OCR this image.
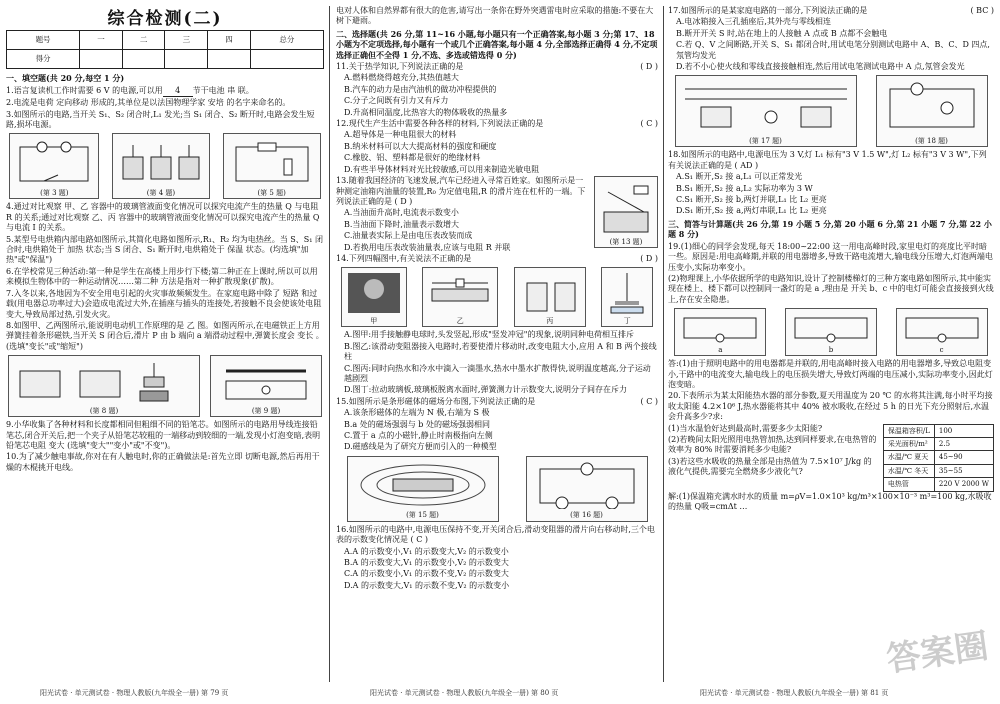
综合检测(二)
题号	一	二	三	四	总分
得分					

一、填空题(共 20 分,每空 1 分)

1.语言复读机工作时需要 6 V 的电源,可以用 4 节干电池 串 联。

2.电流是电荷 定向移动 形成的,其单位是以法国物理学家 安培 的名字来命名的。

3.如图所示的电路,当开关 S₁、S₂ 闭合时,L₁ 发光;当 S₁ 闭合、S₂ 断开时,电路会发生短路,损坏电源。

(第 3 题)	(第 4 题)	(第 5 题)

4.通过对比观察 甲、乙 容器中的玻璃管液面变化情况可以探究电流产生的热量 Q 与电阻 R 的关系;通过对比观察 乙、丙 容器中的玻璃管液面变化情况可以探究电流产生的热量 Q 与电流 I 的关系。

5.某型号电烘箱内部电路如图所示,其简化电路如图所示,R₁、R₂ 均为电热丝。当 S、S₁ 闭合时,电烘箱处于 加热 状态;当 S 闭合、S₁ 断开时,电烘箱处于 保温 状态。(均选填"加热"或"保温")

6.在学校常见三种活动:第一种是学生在高楼上用步行下楼;第二种正在上课时,所以可以用来模拟生物体中的一种运动情况……第二种 方法是指对一种扩散现象(扩散)。

7.入冬以来,各地因为不安全用电引起的火灾事故频频发生。在家庭电路中除了 短路 和过载(用电器总功率过大)会造成电流过大外,在插座与插头的连接处,若接触不良会使该处电阻 变大,导致局部过热,引发火灾。

8.如图甲、乙两图所示,能说明电动机工作原理的是 乙 图。如图丙所示,在电磁铁正上方用弹簧挂着条形磁铁,当开关 S 闭合后,滑片 P 由 b 端向 a 端滑动过程中,弹簧长度会 变长 。(选填"变长"或"缩短")

(第 8 题)	(第 9 题)

9.小华收集了各种材料和长度都相同但粗细不同的铅笔芯。如图所示的电路用导线连接铅笔芯,闭合开关后,把一个夹子从铅笔芯较粗的一端移动到较细的一端,发现小灯泡变暗,表明铅笔芯电阻 变大 (选填"变大""变小"或"不变")。

10.为了减少触电事故,你对在有人触电时,你的正确做法是:首先立即 切断电源,然后再用干燥的木棍挑开电线。

电对人体和自然界都有很大的危害,请写出一条你在野外突遇雷电时应采取的措施:不要在大树下避雨。

二、选择题(共 26 分,第 11~16 小题,每小题只有一个正确答案,每小题 3 分;第 17、18 小题为不定项选择,每小题有一个或几个正确答案,每小题 4 分,全部选择正确得 4 分,不定项选择正确但不全得 1 分,不选、多选或错选得 0 分)

11.关于热学知识,下列说法正确的是	( D )

A.燃料燃烧得越充分,其热值越大

B.汽车的动力是由汽油机的做功冲程提供的

C.分子之间既有引力又有斥力

D.升高相同温度,比热容大的物体吸收的热量多

12.现代生产生活中需要各种各样的材料,下列说法正确的是	( C )

A.超导体是一种电阻很大的材料

B.纳米材料可以大大提高材料的强度和硬度

C.橡胶、铝、塑料都是很好的绝缘材料

D.有些半导体材料对光比较敏感,可以用来制造光敏电阻

13.随着我国经济的飞速发展,汽车已经进入寻常百姓家。如图所示是一种测定油箱内油量的装置,R₀ 为定值电阻,R 的滑片连在杠杆的一端。下列说法正确的是 ( D )

A.当油面升高时,电流表示数变小

B.当油面下降时,油量表示数增大

C.油量表实际上是由电压表改装而成

D.若换用电压表改装油量表,应该与电阻 R 并联

(第 13 题)

14.下列四幅图中,有关说法不正确的是	( D )

甲	乙	丙	丁

A.图甲:用手接触静电球时,头发竖起,形成"竖发冲冠"的现象,说明同种电荷相互排斥

B.图乙:该滑动变阻器接入电路时,若要使滑片移动时,改变电阻大小,应用 A 和 B 两个接线柱

C.图丙:同时向热水和冷水中滴入一滴墨水,热水中墨水扩散得快,说明温度越高,分子运动越剧烈

D.图丁:拉动玻璃板,玻璃板脱离水面时,弹簧测力计示数变大,说明分子间存在斥力

15.如图所示是条形磁体的磁场分布图,下列说法正确的是	( C )

A.该条形磁体的左端为 N 极,右端为 S 极

B.a 处的磁场强弱与 b 处的磁场强弱相同

C.置于 a 点的小磁针,静止时南极指向左侧

D.磁感线是为了研究方便而引入的一种模型

(第 15 题)	(第 16 题)

16.如图所示的电路中,电源电压保持不变,开关闭合后,滑动变阻器的滑片向右移动时,三个电表的示数变化情况是 ( C )

A.A 的示数变小,V₁ 的示数变大,V₂ 的示数变小

B.A 的示数变大,V₁ 的示数变小,V₂ 的示数变大

C.A 的示数变小,V₁ 的示数不变,V₂ 的示数变大

D.A 的示数变大,V₁ 的示数不变,V₂ 的示数变小

17.如图所示的是某家庭电路的一部分,下列说法正确的是	( BC )

A.电冰箱接入三孔插座后,其外壳与零线相连

B.断开开关 S 时,站在地上的人接触 A 点或 B 点都不会触电

C.若 Q、V 之间断路,开关 S、S₁ 都闭合时,用试电笔分别测试电路中 A、B、C、D 四点,氖管均发光

D.若不小心使火线和零线直接接触相连,然后用试电笔测试电路中 A 点,氖管会发光

(第 17 题)	(第 18 题)

18.如图所示的电路中,电源电压为 3 V,灯 L₁ 标有"3 V 1.5 W",灯 L₂ 标有"3 V 3 W",下列有关说法正确的是 ( AD )

A.S₁ 断开,S₂ 接 a,L₁ 可以正常发光

B.S₁ 断开,S₂ 接 a,L₂ 实际功率为 3 W

C.S₁ 断开,S₂ 接 b,两灯并联,L₁ 比 L₂ 更亮

D.S₁ 断开,S₂ 接 a,两灯串联,L₁ 比 L₂ 更亮

三、简答与计算题(共 26 分,第 19 小题 5 分,第 20 小题 6 分,第 21 小题 7 分,第 22 小题 8 分)

19.(1)细心的同学会发现,每天 18:00~22:00 这一用电高峰时段,家里电灯的亮度比平时暗一些。原因是:用电高峰期,并联的用电器增多,导致干路电流增大,输电线分压增大,灯泡两端电压变小,实际功率变小。

(2)物理课上,小华依据所学的电路知识,设计了控制楼梯灯的三种方案电路如图所示,其中能实现在楼上、楼下都可以控制同一盏灯的是 a ,理由是 开关 b、c 中的电灯可能会直接接到火线上,存在安全隐患。

a	b	c

答:(1)由于照明电路中的用电器都是并联的,用电高峰时接入电路的用电器增多,导致总电阻变小,干路中的电流变大,输电线上的电压损失增大,导致灯两端的电压减小,实际功率变小,因此灯泡变暗。

20.下表所示为某太阳能热水器的部分参数,夏天用温度为 20 ℃ 的水将其注满,每小时平均接收太阳能 4.2×10⁶ J,热水器能将其中 40% 被水吸收,在经过 5 h 的日光下充分照射后,水温会升高多少?求:

(1)当水温恰好达到最高时,需要多少太阳能?

(2)若晚间太阳光照用电热管加热,达到同样要求,在电热管的效率为 80% 时需要消耗多少电能?

(3)若这些水吸收的热量全部是由热值为 7.5×10⁷ J/kg 的液化气提供,需要完全燃烧多少液化气?

保温箱容积/L	100
采光面积/m²	2.5
水温/℃ 夏天	45~90
水温/℃ 冬天	35~55
电热管	220 V 2000 W

解:(1)保温箱充满水时水的质量 m=ρV=1.0×10³ kg/m³×100×10⁻³ m³=100 kg,水吸收的热量 Q吸=cmΔt …

答案圈
阳光试卷 · 单元测试卷 · 物理人教版(九年级全一册) 第 79 页	阳光试卷 · 单元测试卷 · 物理人教版(九年级全一册) 第 80 页	阳光试卷 · 单元测试卷 · 物理人教版(九年级全一册) 第 81 页
